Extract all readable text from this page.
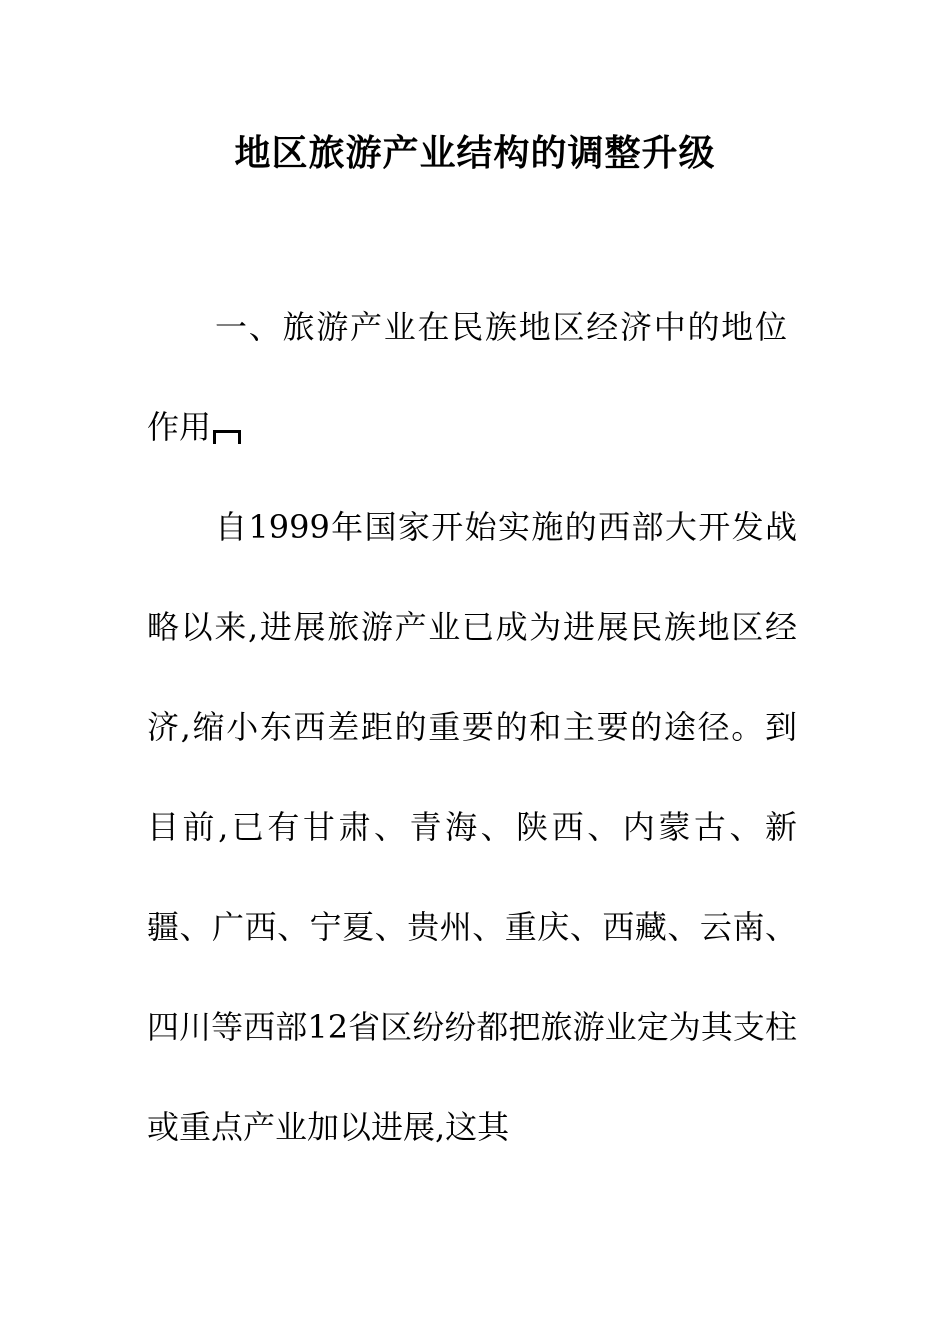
地区旅游产业结构的调整升级

一、旅游产业在民族地区经济中的地位作用

自1999年国家开始实施的西部大开发战略以来,进展旅游产业已成为进展民族地区经济,缩小东西差距的重要的和主要的途径。到目前,已有甘肃、青海、陕西、内蒙古、新疆、广西、宁夏、贵州、重庆、西藏、云南、四川等西部12省区纷纷都把旅游业定为其支柱或重点产业加以进展,这其
